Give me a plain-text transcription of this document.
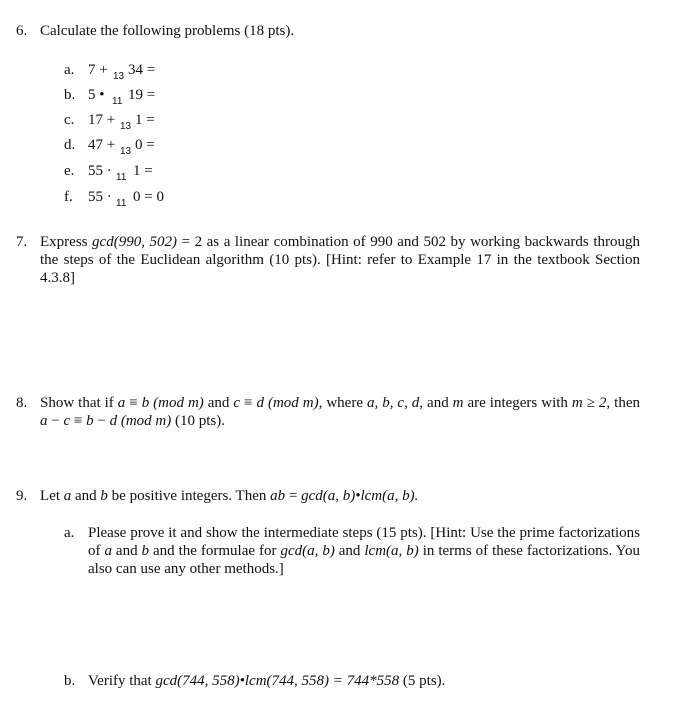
6. Calculate the following problems (18 pts).
a. 7 + 13 34 =
b. 5 • 11 19 =
c. 17 + 13 1 =
d. 47 + 13 0 =
e. 55 · 11 1 =
f. 55 · 11 0 = 0
7. Express gcd(990, 502) = 2 as a linear combination of 990 and 502 by working backwards through the steps of the Euclidean algorithm (10 pts). [Hint: refer to Example 17 in the textbook Section 4.3.8]
8. Show that if a ≡ b (mod m) and c ≡ d (mod m), where a, b, c, d, and m are integers with m ≥ 2, then a − c ≡ b − d (mod m) (10 pts).
9. Let a and b be positive integers. Then ab = gcd(a, b)•lcm(a, b).
a. Please prove it and show the intermediate steps (15 pts). [Hint: Use the prime factorizations of a and b and the formulae for gcd(a, b) and lcm(a, b) in terms of these factorizations. You also can use any other methods.]
b. Verify that gcd(744, 558)•lcm(744, 558) = 744*558 (5 pts).
